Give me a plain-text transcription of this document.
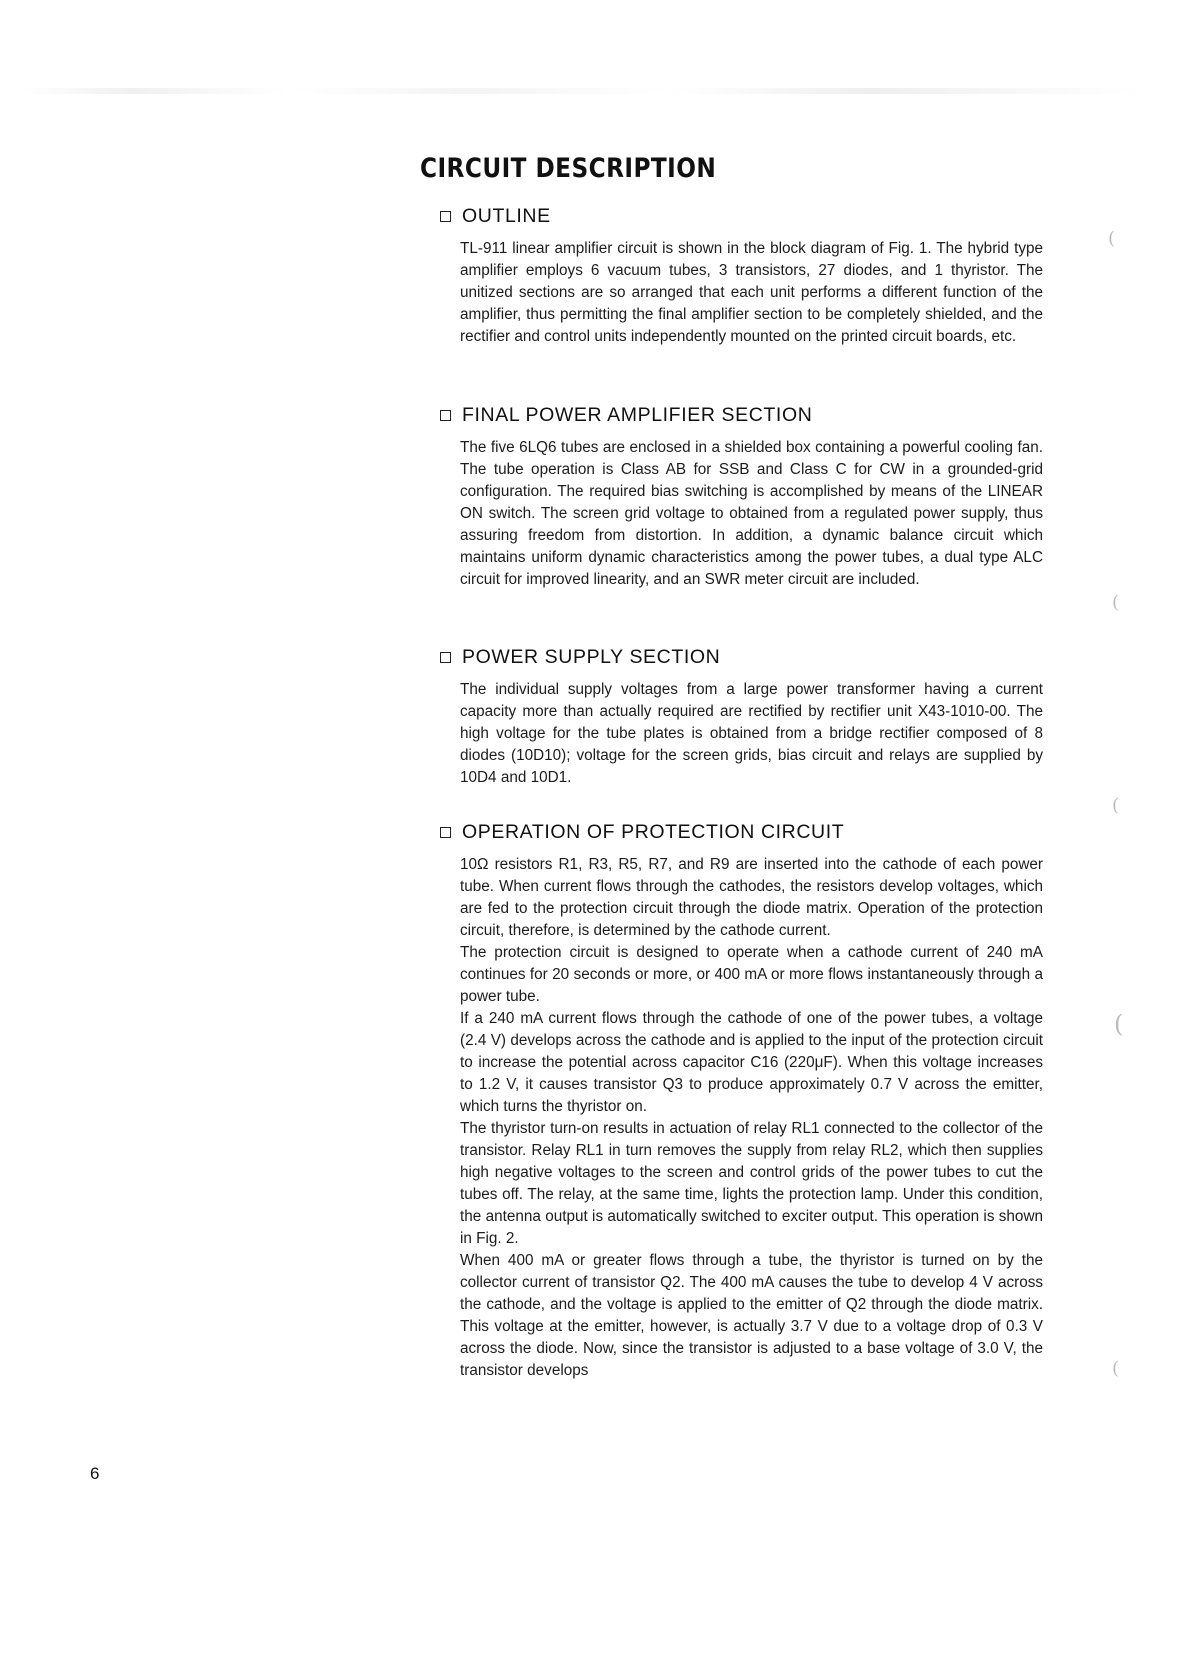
CIRCUIT DESCRIPTION
OUTLINE

TL-911 linear amplifier circuit is shown in the block diagram of Fig. 1. The hybrid type amplifier employs 6 vacuum tubes, 3 transistors, 27 diodes, and 1 thyristor. The unitized sections are so arranged that each unit performs a different function of the amplifier, thus permitting the final amplifier section to be completely shielded, and the rectifier and control units independently mounted on the printed circuit boards, etc.

FINAL POWER AMPLIFIER SECTION

The five 6LQ6 tubes are enclosed in a shielded box containing a powerful cooling fan. The tube operation is Class AB for SSB and Class C for CW in a grounded-grid configuration. The required bias switching is accomplished by means of the LINEAR ON switch. The screen grid voltage to obtained from a regulated power supply, thus assuring freedom from distortion. In addition, a dynamic balance circuit which maintains uniform dynamic characteristics among the power tubes, a dual type ALC circuit for improved linearity, and an SWR meter circuit are included.

POWER SUPPLY SECTION

The individual supply voltages from a large power transformer having a current capacity more than actually required are rectified by rectifier unit X43-1010-00. The high voltage for the tube plates is obtained from a bridge rectifier composed of 8 diodes (10D10); voltage for the screen grids, bias circuit and relays are supplied by 10D4 and 10D1.

OPERATION OF PROTECTION CIRCUIT

10Ω resistors R1, R3, R5, R7, and R9 are inserted into the cathode of each power tube. When current flows through the cathodes, the resistors develop voltages, which are fed to the protection circuit through the diode matrix. Operation of the protection circuit, therefore, is determined by the cathode current.

The protection circuit is designed to operate when a cathode current of 240 mA continues for 20 seconds or more, or 400 mA or more flows instantaneously through a power tube.

If a 240 mA current flows through the cathode of one of the power tubes, a voltage (2.4 V) develops across the cathode and is applied to the input of the protection circuit to increase the potential across capacitor C16 (220μF). When this voltage increases to 1.2 V, it causes transistor Q3 to produce approximately 0.7 V across the emitter, which turns the thyristor on.

The thyristor turn-on results in actuation of relay RL1 connected to the collector of the transistor. Relay RL1 in turn removes the supply from relay RL2, which then supplies high negative voltages to the screen and control grids of the power tubes to cut the tubes off. The relay, at the same time, lights the protection lamp. Under this condition, the antenna output is automatically switched to exciter output. This operation is shown in Fig. 2.

When 400 mA or greater flows through a tube, the thyristor is turned on by the collector current of transistor Q2. The 400 mA causes the tube to develop 4 V across the cathode, and the voltage is applied to the emitter of Q2 through the diode matrix. This voltage at the emitter, however, is actually 3.7 V due to a voltage drop of 0.3 V across the diode. Now, since the transistor is adjusted to a base voltage of 3.0 V, the transistor develops

6
(
(
(
(
(
